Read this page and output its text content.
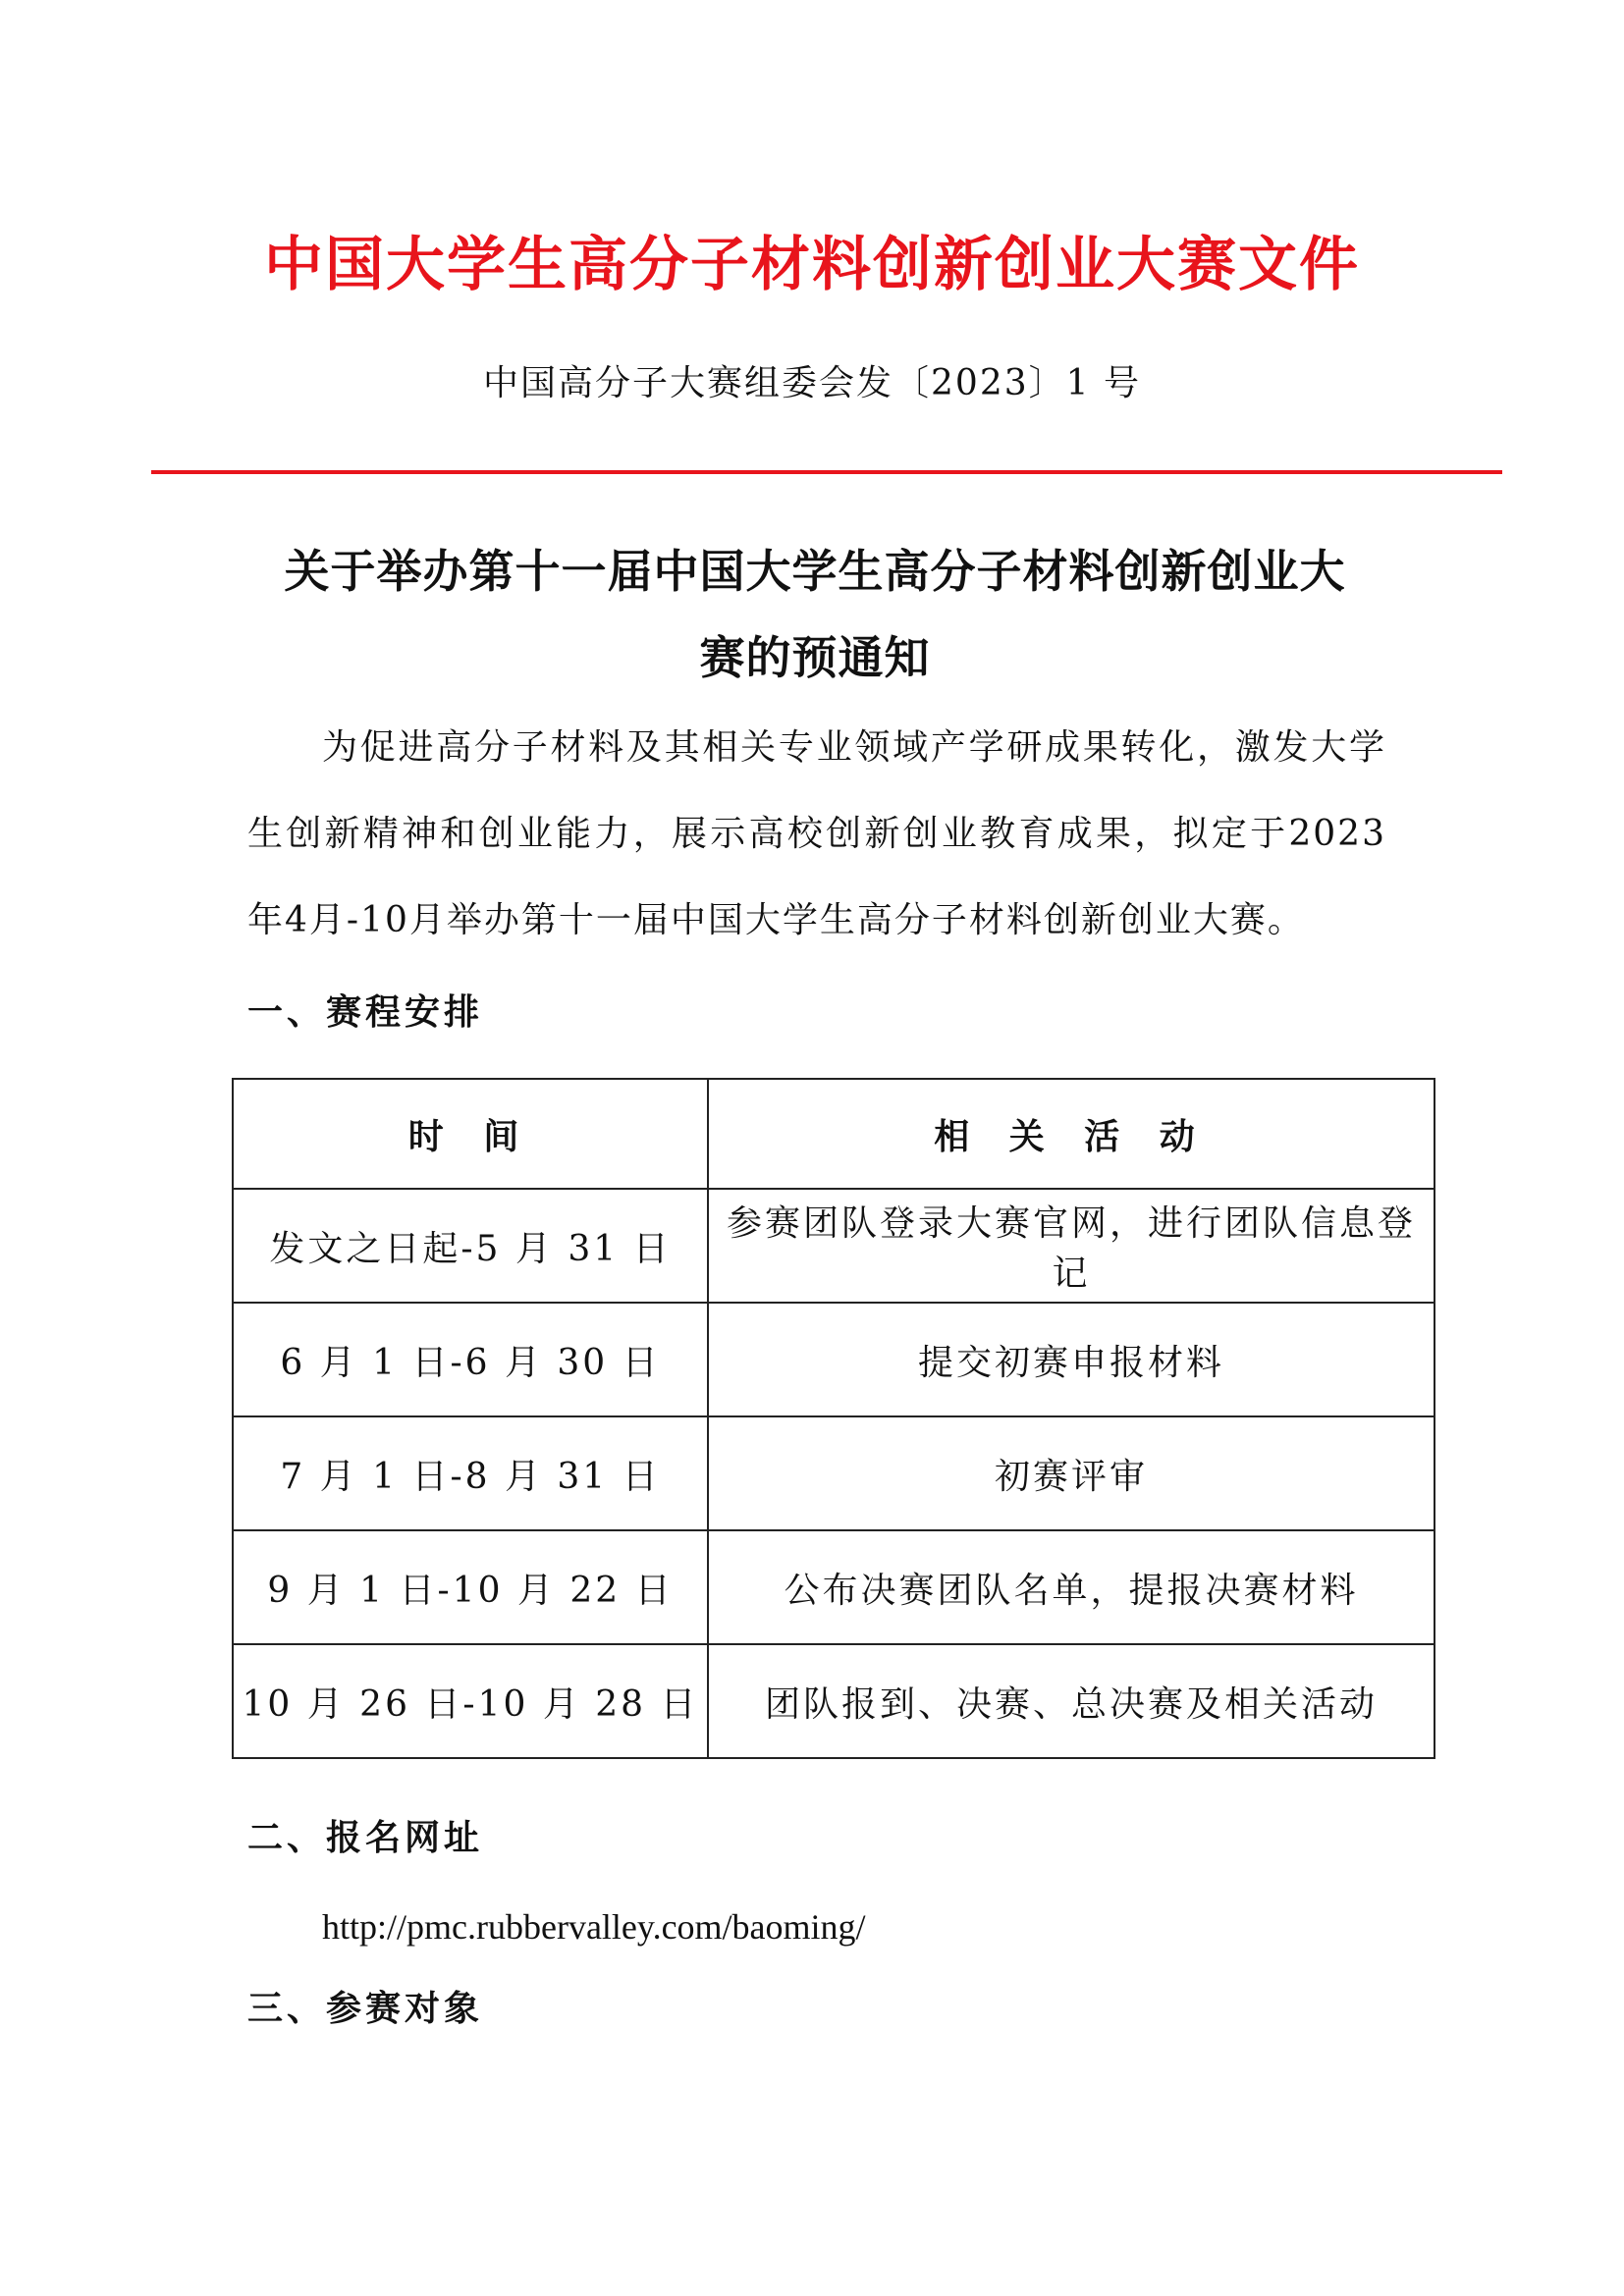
中国大学生高分子材料创新创业大赛文件
中国高分子大赛组委会发〔2023〕1 号
关于举办第十一届中国大学生高分子材料创新创业大
赛的预通知

为促进高分子材料及其相关专业领域产学研成果转化，激发大学生创新精神和创业能力，展示高校创新创业教育成果，拟定于2023年4月-10月举办第十一届中国大学生高分子材料创新创业大赛。

一、赛程安排
时 间	相 关 活 动
发文之日起-5 月 31 日	参赛团队登录大赛官网，进行团队信息登记
6 月 1 日-6 月 30 日	提交初赛申报材料
7 月 1 日-8 月 31 日	初赛评审
9 月 1 日-10 月 22 日	公布决赛团队名单，提报决赛材料
10 月 26 日-10 月 28 日	团队报到、决赛、总决赛及相关活动
二、报名网址
http://pmc.rubbervalley.com/baoming/
三、参赛对象
